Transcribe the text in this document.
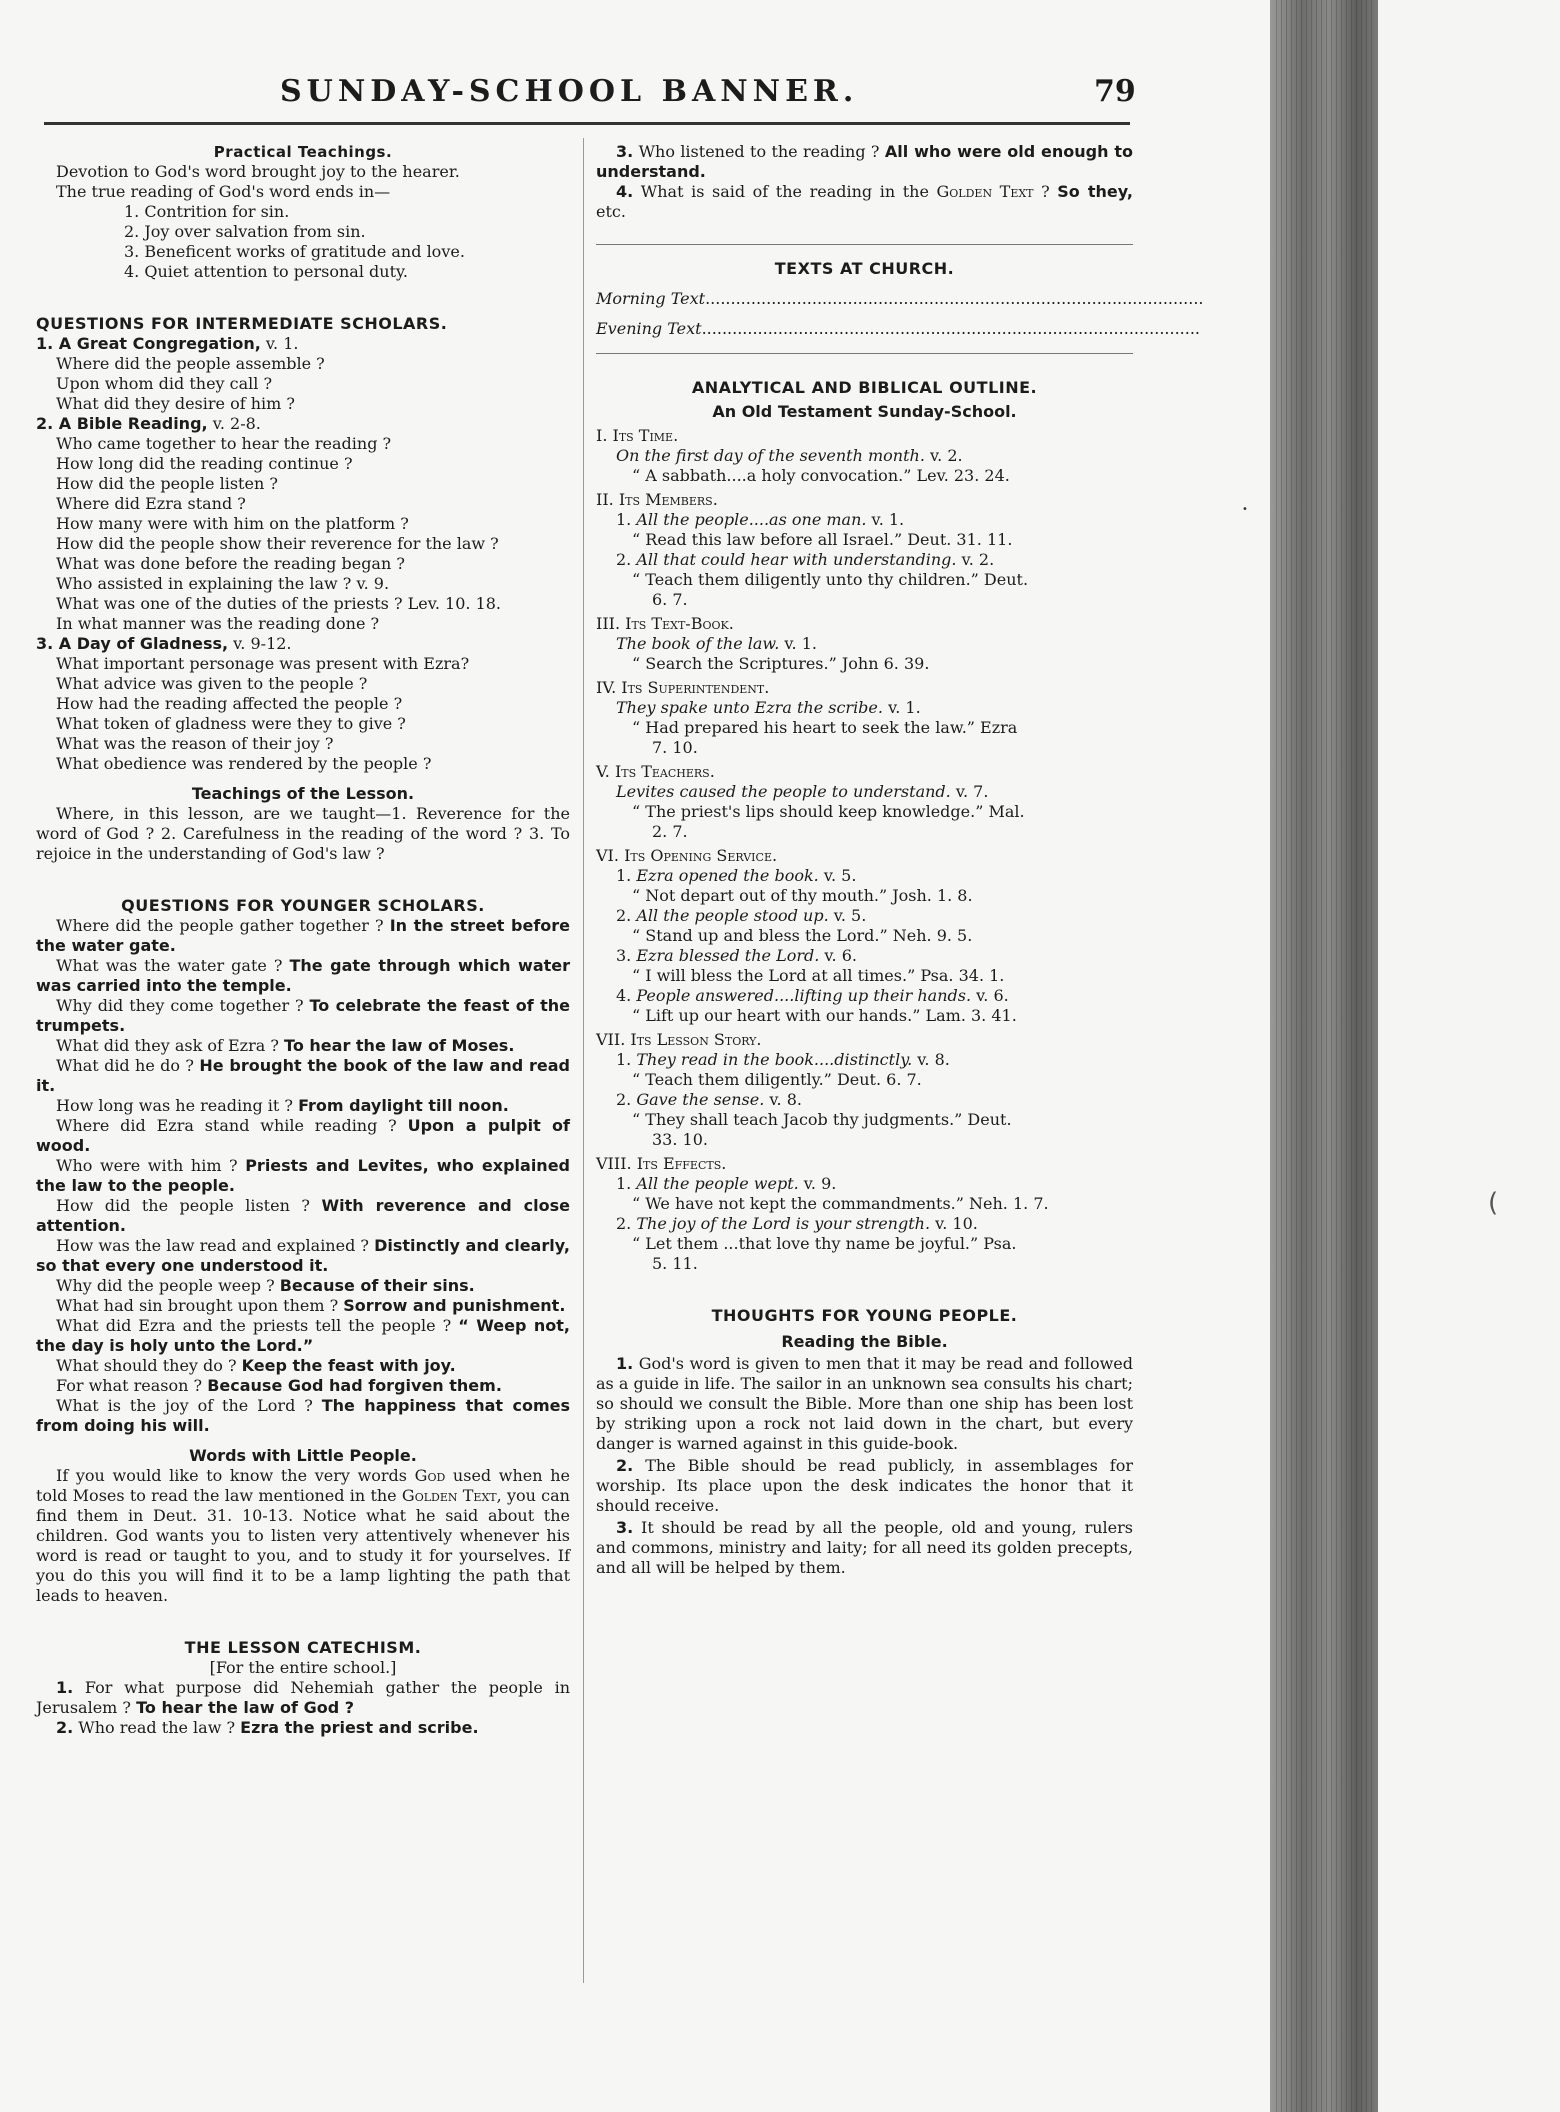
•
(
SUNDAY-SCHOOL BANNER.	79
Practical Teachings.
Devotion to God's word brought joy to the hearer.
The true reading of God's word ends in—
1. Contrition for sin.
2. Joy over salvation from sin.
3. Beneficent works of gratitude and love.
4. Quiet attention to personal duty.
QUESTIONS FOR INTERMEDIATE SCHOLARS.
1. A Great Congregation, v. 1.
Where did the people assemble ?
Upon whom did they call ?
What did they desire of him ?
2. A Bible Reading, v. 2-8.
Who came together to hear the reading ?
How long did the reading continue ?
How did the people listen ?
Where did Ezra stand ?
How many were with him on the platform ?
How did the people show their reverence for the law ?
What was done before the reading began ?
Who assisted in explaining the law ? v. 9.
What was one of the duties of the priests ? Lev. 10. 18.
In what manner was the reading done ?
3. A Day of Gladness, v. 9-12.
What important personage was present with Ezra?
What advice was given to the people ?
How had the reading affected the people ?
What token of gladness were they to give ?
What was the reason of their joy ?
What obedience was rendered by the people ?
Teachings of the Lesson.
Where, in this lesson, are we taught—1. Reverence for the word of God ? 2. Carefulness in the reading of the word ? 3. To rejoice in the understanding of God's law ?
QUESTIONS FOR YOUNGER SCHOLARS.
Where did the people gather together ? In the street before the water gate.
What was the water gate ? The gate through which water was carried into the temple.
Why did they come together ? To celebrate the feast of the trumpets.
What did they ask of Ezra ? To hear the law of Moses.
What did he do ? He brought the book of the law and read it.
How long was he reading it ? From daylight till noon.
Where did Ezra stand while reading ? Upon a pulpit of wood.
Who were with him ? Priests and Levites, who explained the law to the people.
How did the people listen ? With reverence and close attention.
How was the law read and explained ? Distinctly and clearly, so that every one understood it.
Why did the people weep ? Because of their sins.
What had sin brought upon them ? Sorrow and punishment.
What did Ezra and the priests tell the people ? “ Weep not, the day is holy unto the Lord.”
What should they do ? Keep the feast with joy.
For what reason ? Because God had forgiven them.
What is the joy of the Lord ? The happiness that comes from doing his will.
Words with Little People.
If you would like to know the very words God used when he told Moses to read the law mentioned in the Golden Text, you can find them in Deut. 31. 10-13. Notice what he said about the children. God wants you to listen very attentively whenever his word is read or taught to you, and to study it for yourselves. If you do this you will find it to be a lamp lighting the path that leads to heaven.
THE LESSON CATECHISM.
[For the entire school.]
1. For what purpose did Nehemiah gather the people in Jerusalem ? To hear the law of God ?
2. Who read the law ? Ezra the priest and scribe.
3. Who listened to the reading ? All who were old enough to understand.
4. What is said of the reading in the Golden Text ? So they, etc.
TEXTS AT CHURCH.
Morning Text..................................................................................................
Evening Text..................................................................................................
ANALYTICAL AND BIBLICAL OUTLINE.
An Old Testament Sunday-School.
I. Its Time.
On the first day of the seventh month. v. 2.
“ A sabbath....a holy convocation.” Lev. 23. 24.
II. Its Members.
1. All the people....as one man. v. 1.
“ Read this law before all Israel.” Deut. 31. 11.
2. All that could hear with understanding. v. 2.
“ Teach them diligently unto thy children.” Deut.
6. 7.
III. Its Text-Book.
The book of the law. v. 1.
“ Search the Scriptures.” John 6. 39.
IV. Its Superintendent.
They spake unto Ezra the scribe. v. 1.
“ Had prepared his heart to seek the law.” Ezra
7. 10.
V. Its Teachers.
Levites caused the people to understand. v. 7.
“ The priest's lips should keep knowledge.” Mal.
2. 7.
VI. Its Opening Service.
1. Ezra opened the book. v. 5.
“ Not depart out of thy mouth.” Josh. 1. 8.
2. All the people stood up. v. 5.
“ Stand up and bless the Lord.” Neh. 9. 5.
3. Ezra blessed the Lord. v. 6.
“ I will bless the Lord at all times.” Psa. 34. 1.
4. People answered....lifting up their hands. v. 6.
“ Lift up our heart with our hands.” Lam. 3. 41.
VII. Its Lesson Story.
1. They read in the book....distinctly. v. 8.
“ Teach them diligently.” Deut. 6. 7.
2. Gave the sense. v. 8.
“ They shall teach Jacob thy judgments.” Deut.
33. 10.
VIII. Its Effects.
1. All the people wept. v. 9.
“ We have not kept the commandments.” Neh. 1. 7.
2. The joy of the Lord is your strength. v. 10.
“ Let them ...that love thy name be joyful.” Psa.
5. 11.
THOUGHTS FOR YOUNG PEOPLE.
Reading the Bible.
1. God's word is given to men that it may be read and followed as a guide in life. The sailor in an unknown sea consults his chart; so should we consult the Bible. More than one ship has been lost by striking upon a rock not laid down in the chart, but every danger is warned against in this guide-book.
2. The Bible should be read publicly, in assemblages for worship. Its place upon the desk indicates the honor that it should receive.
3. It should be read by all the people, old and young, rulers and commons, ministry and laity; for all need its golden precepts, and all will be helped by them.
